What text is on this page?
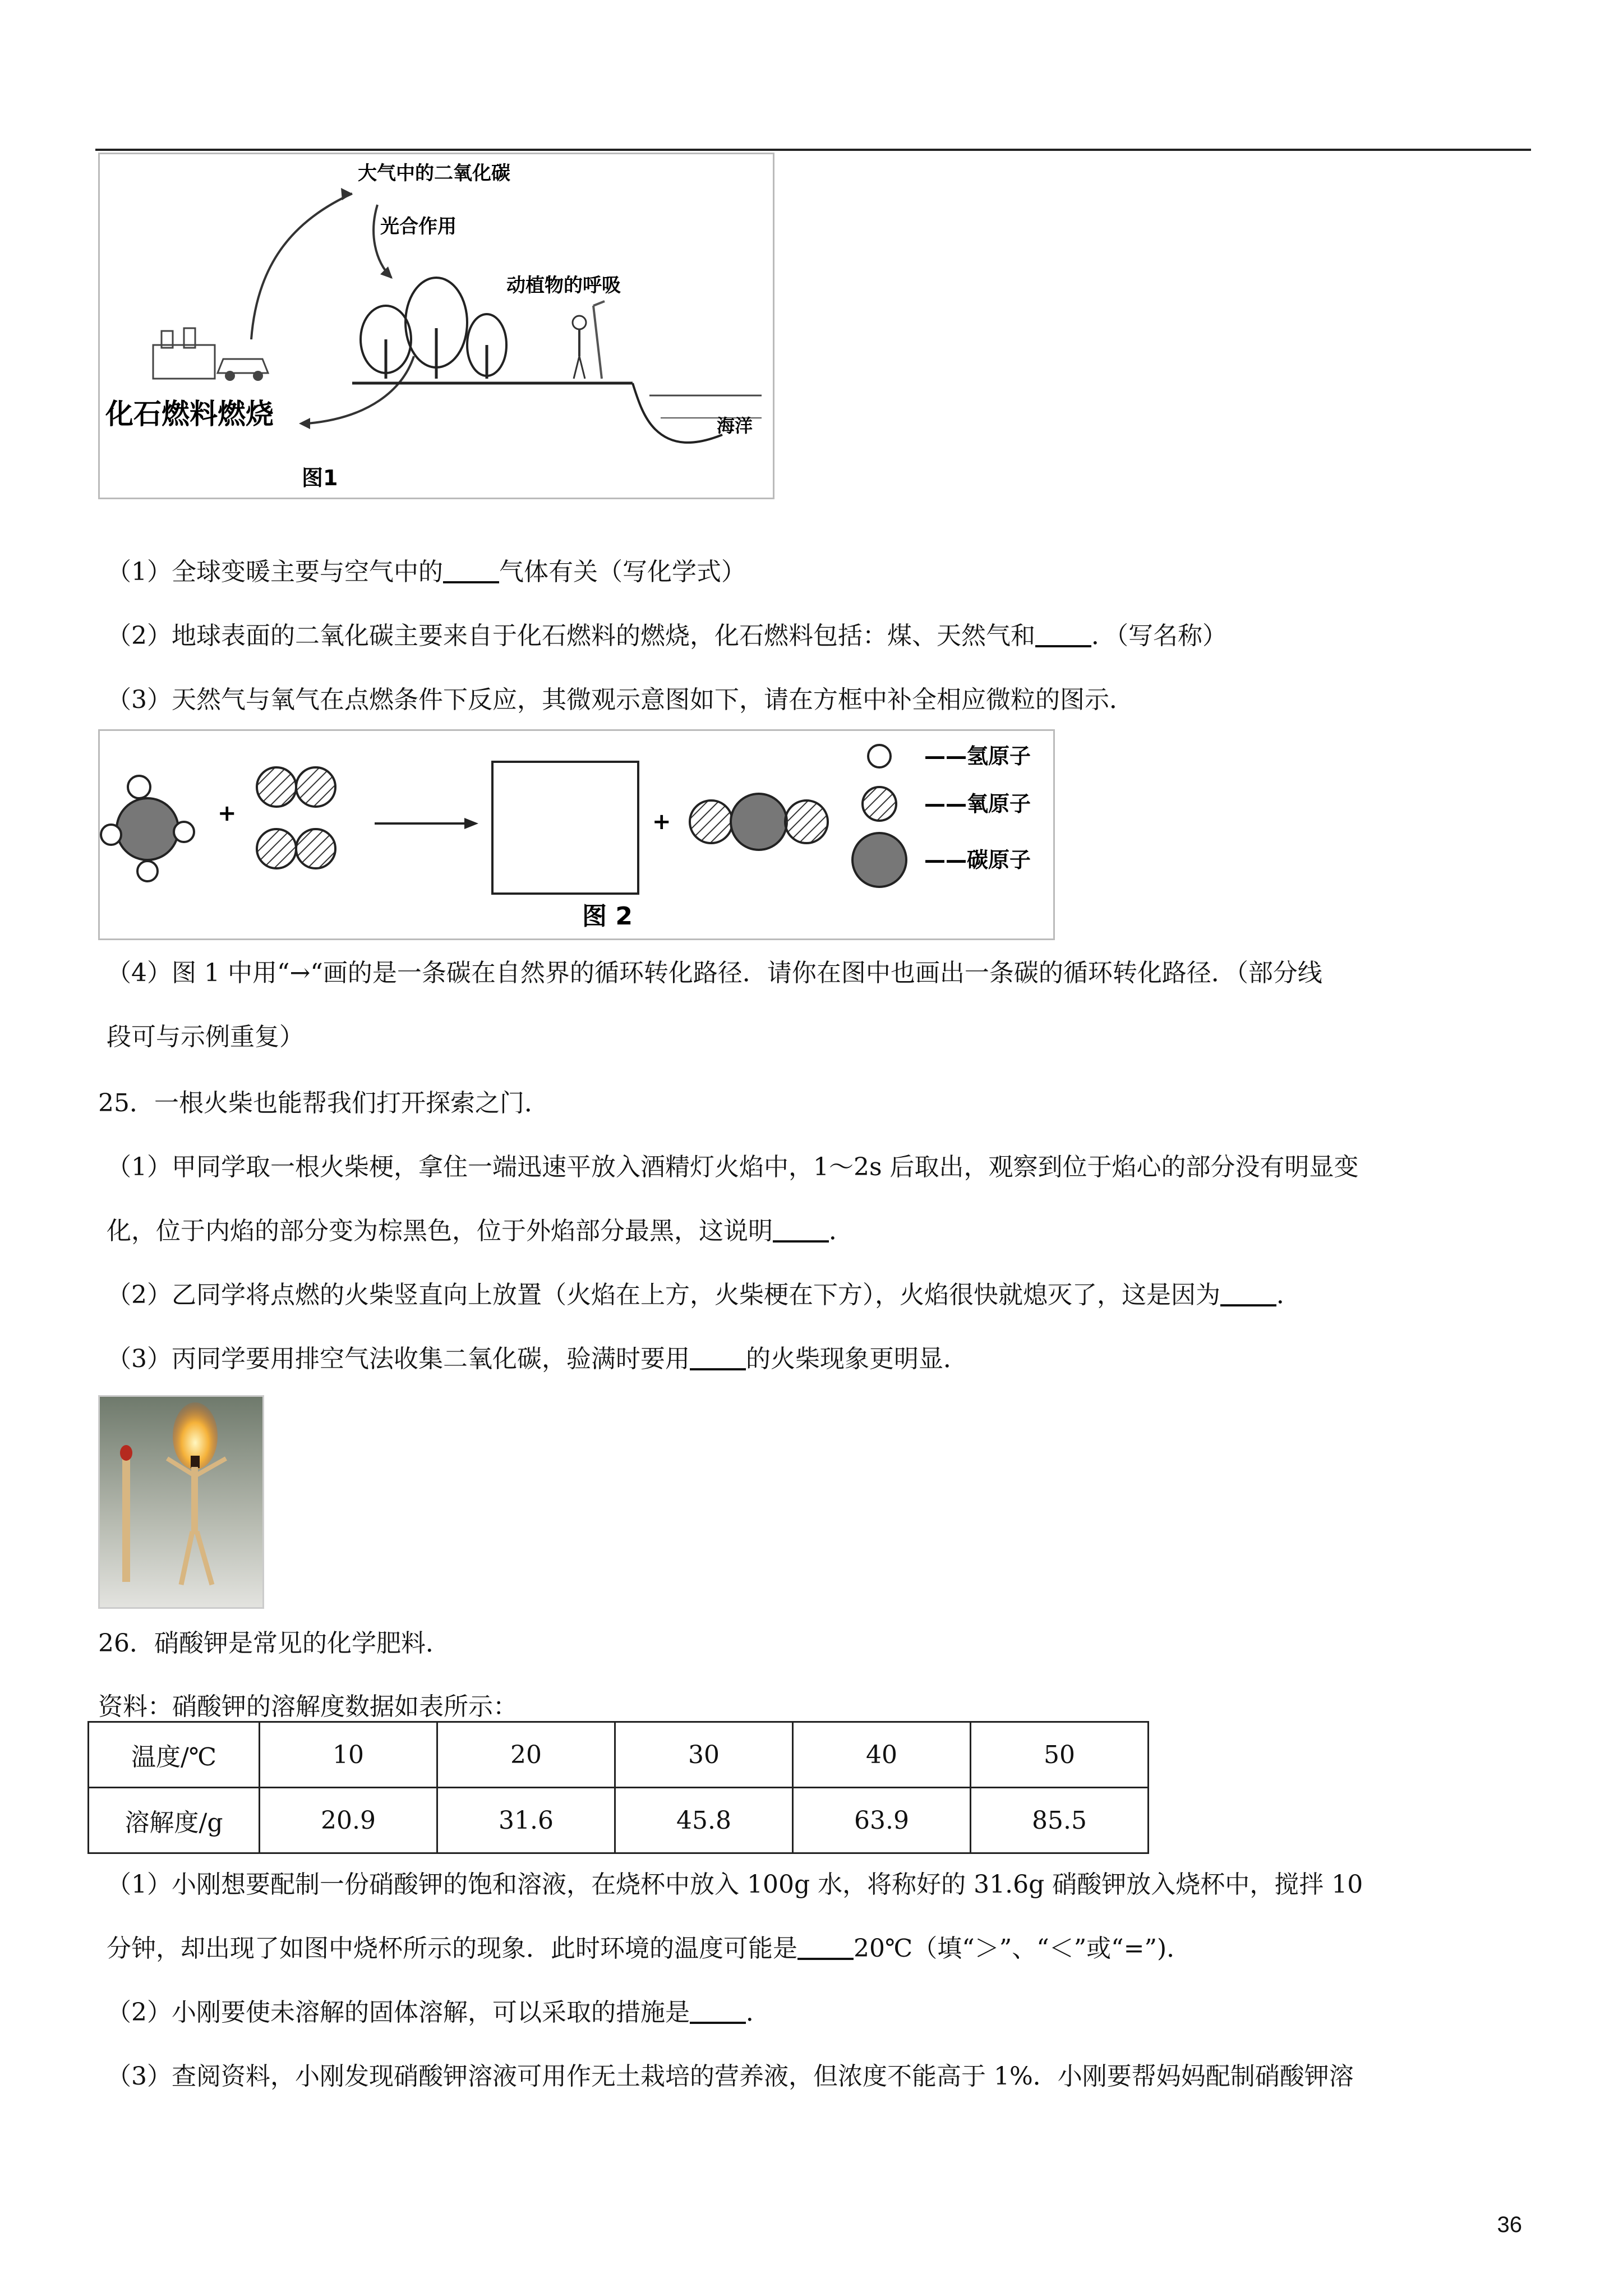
大气中的二氧化碳
光合作用
动植物的呼吸
化石燃料燃烧	海洋
图1
（1）全球变暖主要与空气中的 气体有关（写化学式）
（2）地球表面的二氧化碳主要来自于化石燃料的燃烧，化石燃料包括：煤、天然气和 ．（写名称）
（3）天然气与氧气在点燃条件下反应，其微观示意图如下，请在方框中补全相应微粒的图示．
+	+
——氢原子
——氧原子
——碳原子
图 2
（4）图 1 中用“→“画的是一条碳在自然界的循环转化路径．请你在图中也画出一条碳的循环转化路径．（部分线
段可与示例重复）
25．一根火柴也能帮我们打开探索之门．
（1）甲同学取一根火柴梗，拿住一端迅速平放入酒精灯火焰中，1～2s 后取出，观察到位于焰心的部分没有明显变
化，位于内焰的部分变为棕黑色，位于外焰部分最黑，这说明 ．
（2）乙同学将点燃的火柴竖直向上放置（火焰在上方，火柴梗在下方），火焰很快就熄灭了，这是因为 ．
（3）丙同学要用排空气法收集二氧化碳，验满时要用 的火柴现象更明显．
26．硝酸钾是常见的化学肥料．
资料：硝酸钾的溶解度数据如表所示：
温度/℃	10	20	30	40	50
溶解度/g	20.9	31.6	45.8	63.9	85.5
（1）小刚想要配制一份硝酸钾的饱和溶液，在烧杯中放入 100g 水，将称好的 31.6g 硝酸钾放入烧杯中，搅拌 10
分钟，却出现了如图中烧杯所示的现象．此时环境的温度可能是 20℃（填“＞”、“＜”或“=”)．
（2）小刚要使未溶解的固体溶解，可以采取的措施是 ．
（3）查阅资料，小刚发现硝酸钾溶液可用作无土栽培的营养液，但浓度不能高于 1%．小刚要帮妈妈配制硝酸钾溶
36
